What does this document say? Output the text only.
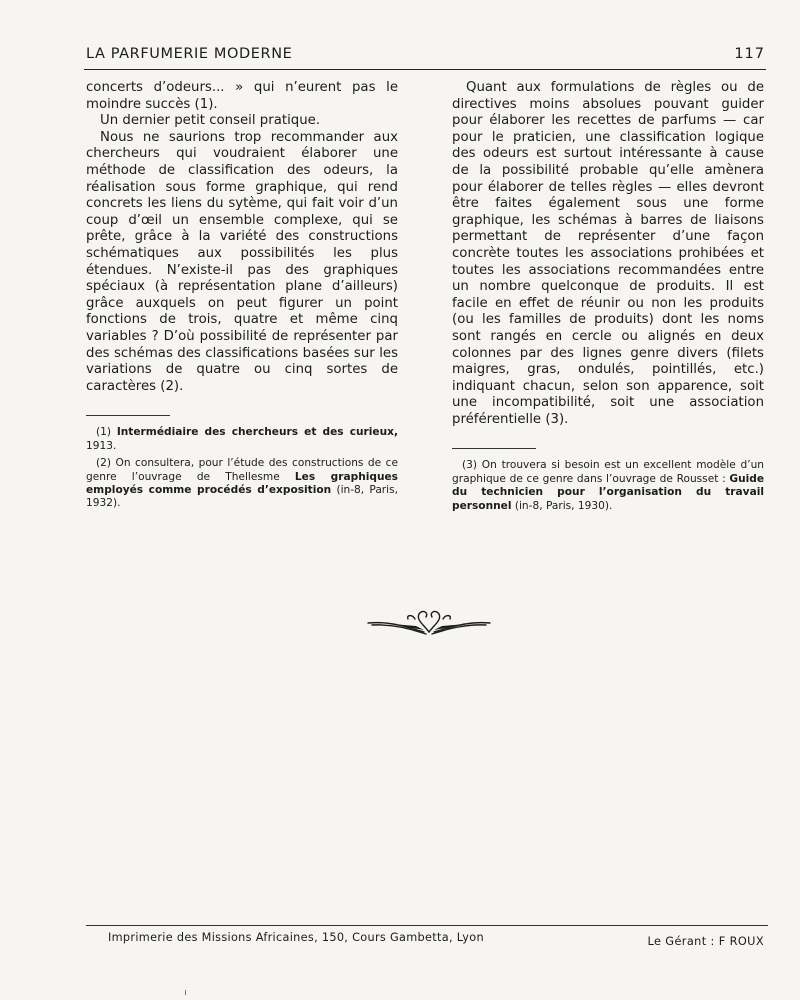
LA PARFUMERIE MODERNE	117

concerts d’odeurs... » qui n’eurent pas le moindre succès (1).

Un dernier petit conseil pratique.

Nous ne saurions trop recommander aux chercheurs qui voudraient élaborer une méthode de classification des odeurs, la réalisation sous forme graphique, qui rend concrets les liens du sytème, qui fait voir d’un coup d’œil un ensemble complexe, qui se prête, grâce à la variété des constructions schématiques aux possibilités les plus étendues. N’existe-il pas des graphiques spéciaux (à représentation plane d’ailleurs) grâce auxquels on peut figurer un point fonctions de trois, quatre et même cinq variables ? D’où possibilité de représenter par des schémas des classifications basées sur les variations de quatre ou cinq sortes de caractères (2).

(1) Intermédiaire des chercheurs et des curieux, 1913.

(2) On consultera, pour l’étude des constructions de ce genre l’ouvrage de Thellesme Les graphiques employés comme procédés d’exposition (in-8, Paris, 1932).

Quant aux formulations de règles ou de directives moins absolues pouvant guider pour élaborer les recettes de parfums — car pour le praticien, une classification logique des odeurs est surtout intéressante à cause de la possibilité probable qu’elle amènera pour élaborer de telles règles — elles devront être faites également sous une forme graphique, les schémas à barres de liaisons permettant de représenter d’une façon concrète toutes les associations prohibées et toutes les associations recommandées entre un nombre quelconque de produits. Il est facile en effet de réunir ou non les produits (ou les familles de produits) dont les noms sont rangés en cercle ou alignés en deux colonnes par des lignes genre divers (filets maigres, gras, ondulés, pointillés, etc.) indiquant chacun, selon son apparence, soit une incompatibilité, soit une association préférentielle (3).

(3) On trouvera si besoin est un excellent modèle d’un graphique de ce genre dans l’ouvrage de Rousset : Guide du technicien pour l’organisation du travail personnel (in-8, Paris, 1930).

Imprimerie des Missions Africaines, 150, Cours Gambetta, Lyon	Le Gérant : F ROUX
